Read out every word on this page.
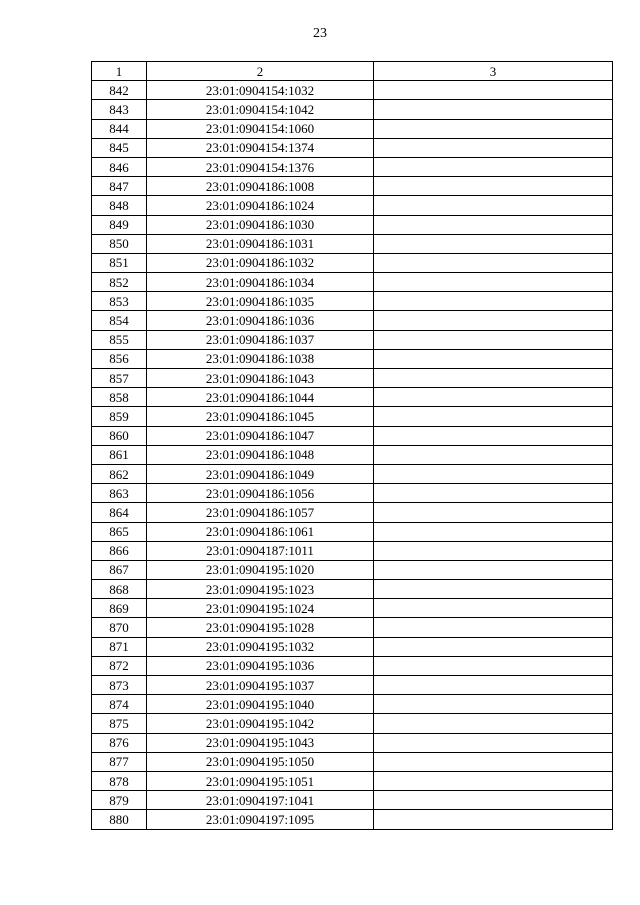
23
1	2	3
842	23:01:0904154:1032	
843	23:01:0904154:1042	
844	23:01:0904154:1060	
845	23:01:0904154:1374	
846	23:01:0904154:1376	
847	23:01:0904186:1008	
848	23:01:0904186:1024	
849	23:01:0904186:1030	
850	23:01:0904186:1031	
851	23:01:0904186:1032	
852	23:01:0904186:1034	
853	23:01:0904186:1035	
854	23:01:0904186:1036	
855	23:01:0904186:1037	
856	23:01:0904186:1038	
857	23:01:0904186:1043	
858	23:01:0904186:1044	
859	23:01:0904186:1045	
860	23:01:0904186:1047	
861	23:01:0904186:1048	
862	23:01:0904186:1049	
863	23:01:0904186:1056	
864	23:01:0904186:1057	
865	23:01:0904186:1061	
866	23:01:0904187:1011	
867	23:01:0904195:1020	
868	23:01:0904195:1023	
869	23:01:0904195:1024	
870	23:01:0904195:1028	
871	23:01:0904195:1032	
872	23:01:0904195:1036	
873	23:01:0904195:1037	
874	23:01:0904195:1040	
875	23:01:0904195:1042	
876	23:01:0904195:1043	
877	23:01:0904195:1050	
878	23:01:0904195:1051	
879	23:01:0904197:1041	
880	23:01:0904197:1095	
